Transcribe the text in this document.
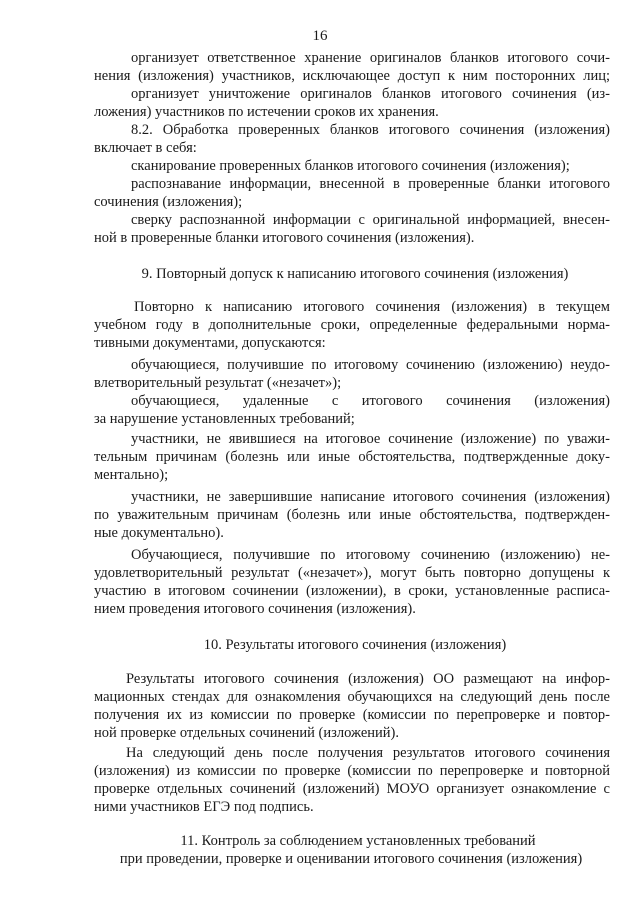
16
организует ответственное хранение оригиналов бланков итогового сочи-
нения (изложения) участников, исключающее доступ к ним посторонних лиц;
организует уничтожение оригиналов бланков итогового сочинения (из-
ложения) участников по истечении сроков их хранения.
8.2. Обработка проверенных бланков итогового сочинения (изложения)
включает в себя:
сканирование проверенных бланков итогового сочинения (изложения);
распознавание информации, внесенной в проверенные бланки итогового
сочинения (изложения);
сверку распознанной информации с оригинальной информацией, внесен-
ной в проверенные бланки итогового сочинения (изложения).
9. Повторный допуск к написанию итогового сочинения (изложения)
Повторно к написанию итогового сочинения (изложения) в текущем
учебном году в дополнительные сроки, определенные федеральными норма-
тивными документами, допускаются:
обучающиеся, получившие по итоговому сочинению (изложению) неудо-
влетворительный результат («незачет»);
обучающиеся, удаленные с итогового сочинения (изложения)
за нарушение установленных требований;
участники, не явившиеся на итоговое сочинение (изложение) по уважи-
тельным причинам (болезнь или иные обстоятельства, подтвержденные доку-
ментально);
участники, не завершившие написание итогового сочинения (изложения)
по уважительным причинам (болезнь или иные обстоятельства, подтвержден-
ные документально).
Обучающиеся, получившие по итоговому сочинению (изложению) не-
удовлетворительный результат («незачет»), могут быть повторно допущены к
участию в итоговом сочинении (изложении), в сроки, установленные расписа-
нием проведения итогового сочинения (изложения).
10. Результаты итогового сочинения (изложения)
Результаты итогового сочинения (изложения) ОО размещают на инфор-
мационных стендах для ознакомления обучающихся на следующий день после
получения их из комиссии по проверке (комиссии по перепроверке и повтор-
ной проверке отдельных сочинений (изложений).
На следующий день после получения результатов итогового сочинения
(изложения) из комиссии по проверке (комиссии по перепроверке и повторной
проверке отдельных сочинений (изложений) МОУО организует ознакомление с
ними участников ЕГЭ под подпись.
11. Контроль за соблюдением установленных требований
при проведении, проверке и оценивании итогового сочинения (изложения)
